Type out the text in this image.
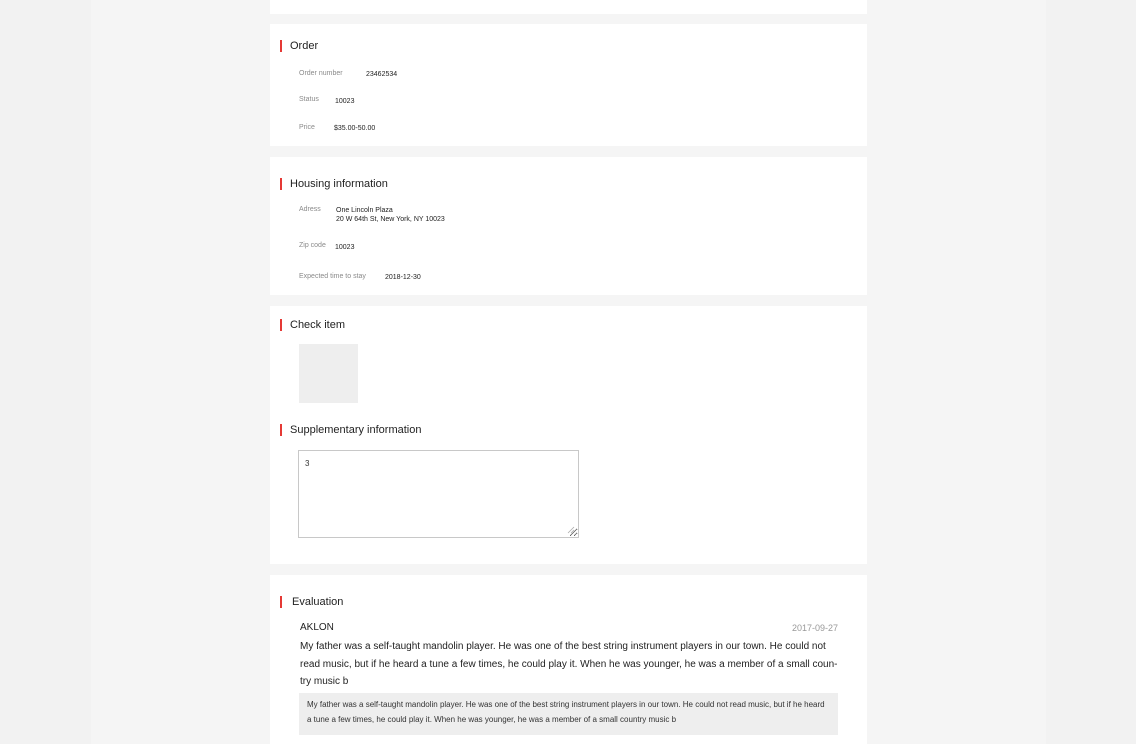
Order
Order number	23462534
Status 10023
Price	$35.00-50.00
Housing information
Adress One Lincoln Plaza
20 W 64th St, New York, NY 10023
Zip code 10023
Expected time to stay	2018-12-30
Check item
Supplementary information
3
Evaluation
AKLON	2017-09-27
My father was a self-taught mandolin player. He was one of the best string instrument players in our town. He could not read music, but if he heard a tune a few times, he could play it. When he was younger, he was a member of a small coun-try music b
My father was a self-taught mandolin player. He was one of the best string instrument players in our town. He could not read music, but if he heard a tune a few times, he could play it. When he was younger, he was a member of a small country music b
